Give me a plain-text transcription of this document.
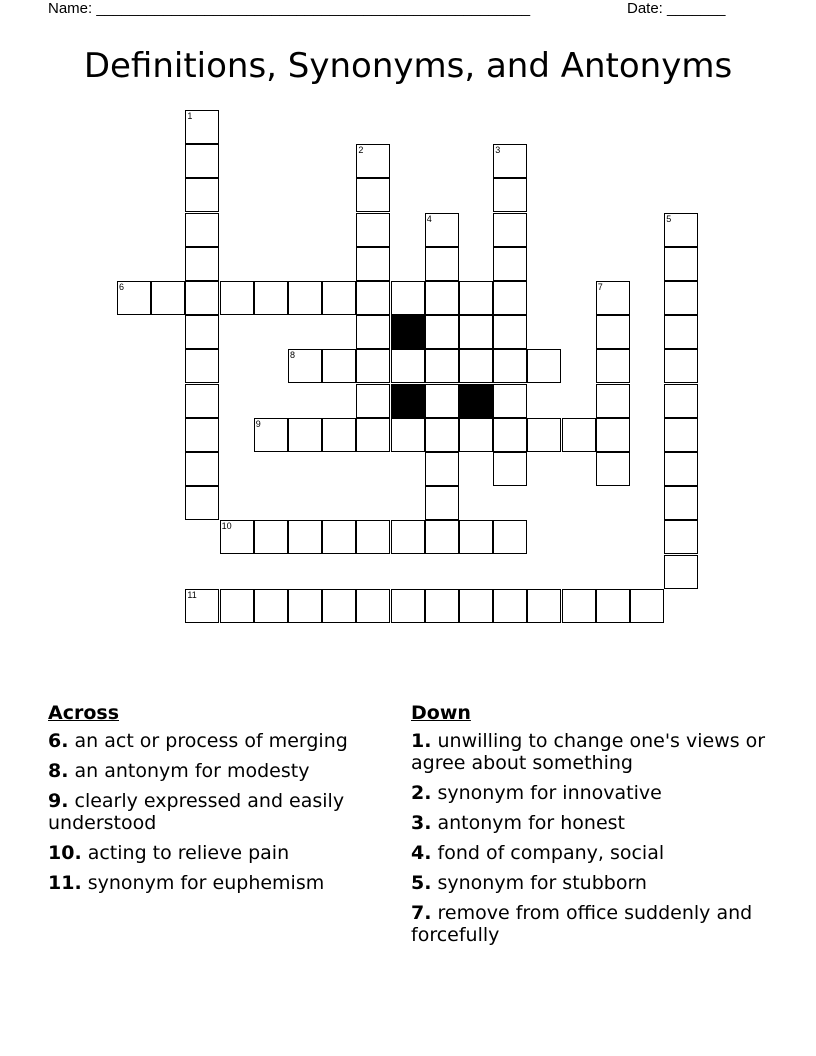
Name: ____________________________________________________	Date: _______
Definitions, Synonyms, and Antonyms
1
2	3
4	5
6	7
8
9
10
11
Across
6. an act or process of merging
8. an antonym for modesty
9. clearly expressed and easily understood
10. acting to relieve pain
11. synonym for euphemism
Down
1. unwilling to change one's views or agree about something
2. synonym for innovative
3. antonym for honest
4. fond of company, social
5. synonym for stubborn
7. remove from office suddenly and forcefully
